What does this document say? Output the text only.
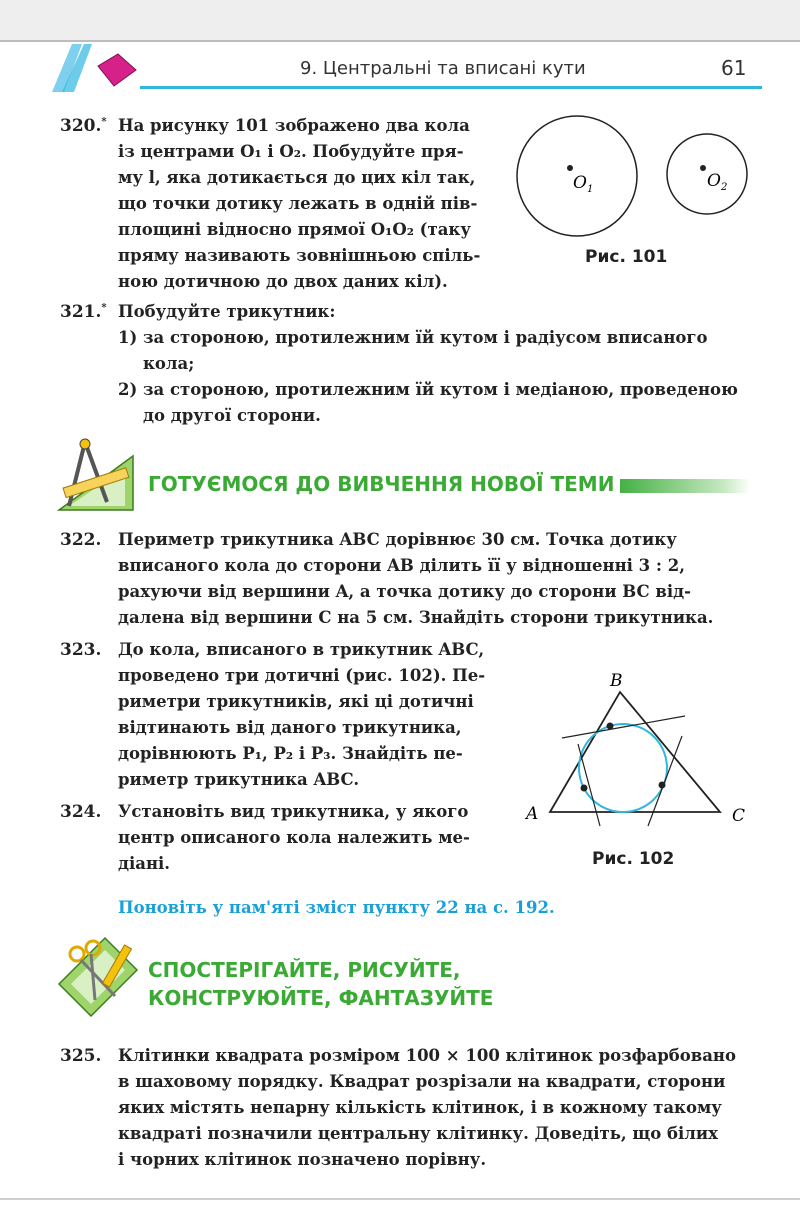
9. Центральні та вписані кути	61
320.* На рисунку 101 зображено два кола
із центрами O₁ і O₂. Побудуйте пря-
му l, яка дотикається до цих кіл так,
що точки дотику лежать в одній пів-
площині відносно прямої O₁O₂ (таку
пряму називають зовнішньою спіль-
ною дотичною до двох даних кіл).
$O_1$	$O_2$
Рис. 101
321.* Побудуйте трикутник:
1) за стороною, протилежним їй кутом і радіусом вписаного
кола;
2) за стороною, протилежним їй кутом і медіаною, проведеною
до другої сторони.
ГОТУЄМОСЯ ДО ВИВЧЕННЯ НОВОЇ ТЕМИ
322. Периметр трикутника ABC дорівнює 30 см. Точка дотику
вписаного кола до сторони AB ділить її у відношенні 3 : 2,
рахуючи від вершини A, а точка дотику до сторони BC від-
далена від вершини C на 5 см. Знайдіть сторони трикутника.
323. До кола, вписаного в трикутник ABC,
проведено три дотичні (рис. 102). Пе-
риметри трикутників, які ці дотичні
відтинають від даного трикутника,
дорівнюють P₁, P₂ і P₃. Знайдіть пе-
риметр трикутника ABC.
A
B
C
Рис. 102
324. Установіть вид трикутника, у якого
центр описаного кола належить ме-
діані.
Поновіть у пам'яті зміст пункту 22 на с. 192.
СПОСТЕРІГАЙТЕ, РИСУЙТЕ,
КОНСТРУЮЙТЕ, ФАНТАЗУЙТЕ
325. Клітинки квадрата розміром 100 × 100 клітинок розфарбовано
в шаховому порядку. Квадрат розрізали на квадрати, сторони
яких містять непарну кількість клітинок, і в кожному такому
квадраті позначили центральну клітинку. Доведіть, що білих
і чорних клітинок позначено порівну.
